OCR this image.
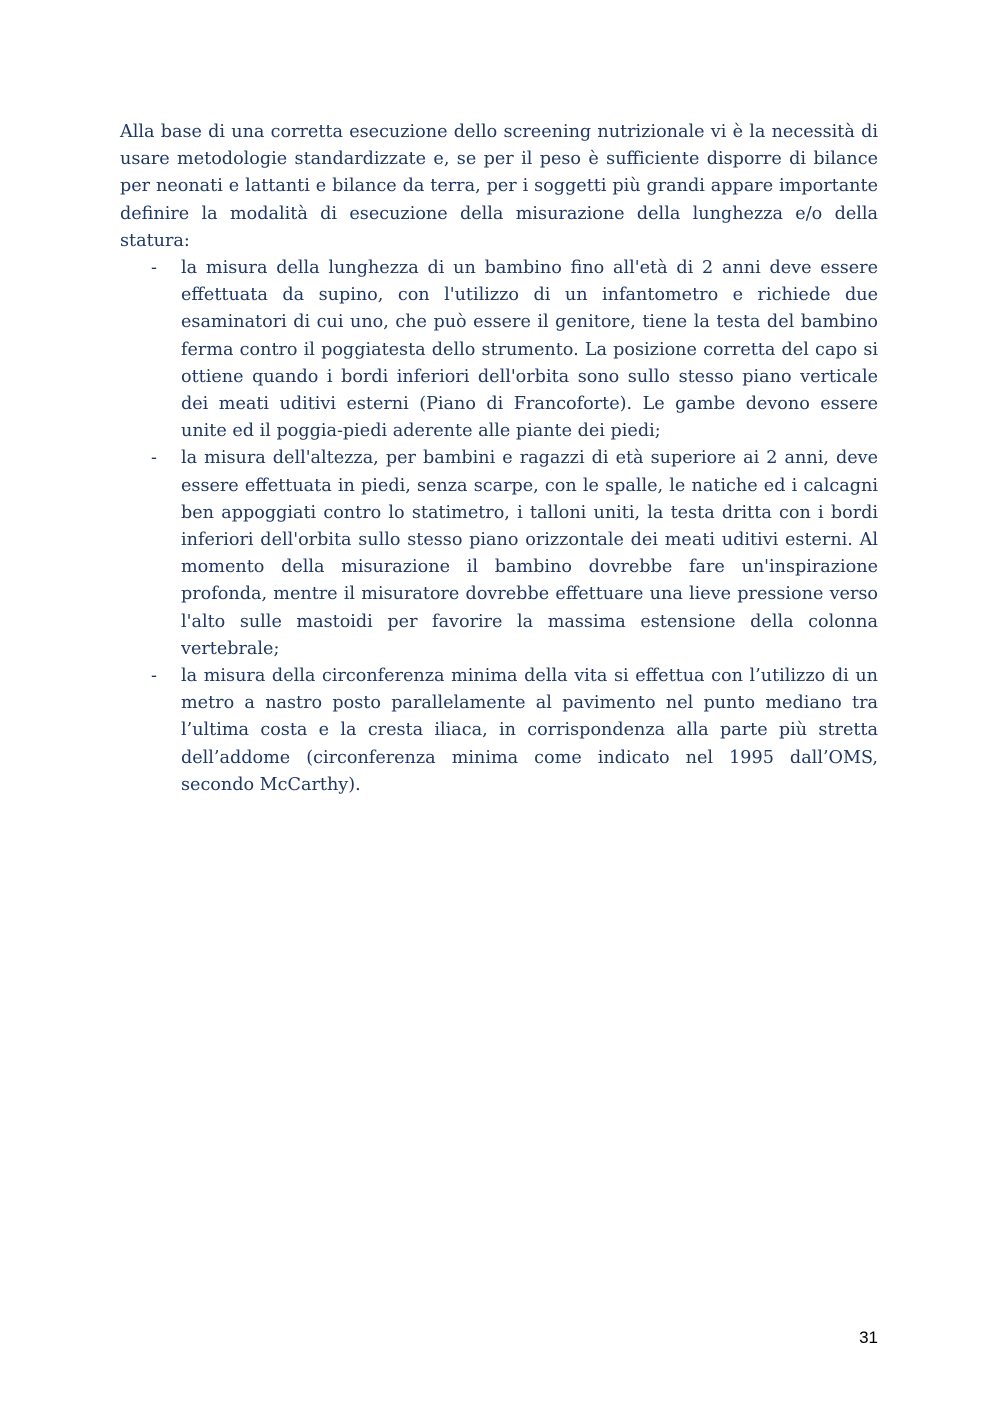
Alla base di una corretta esecuzione dello screening nutrizionale vi è la necessità di usare metodologie standardizzate e, se per il peso è sufficiente disporre di bilance per neonati e lattanti e bilance da terra, per i soggetti più grandi appare importante definire la modalità di esecuzione della misurazione della lunghezza e/o della statura:

- la misura della lunghezza di un bambino fino all'età di 2 anni deve essere effettuata da supino, con l'utilizzo di un infantometro e richiede due esaminatori di cui uno, che può essere il genitore, tiene la testa del bambino ferma contro il poggiatesta dello strumento. La posizione corretta del capo si ottiene quando i bordi inferiori dell'orbita sono sullo stesso piano verticale dei meati uditivi esterni (Piano di Francoforte). Le gambe devono essere unite ed il poggia-piedi aderente alle piante dei piedi;
- la misura dell'altezza, per bambini e ragazzi di età superiore ai 2 anni, deve essere effettuata in piedi, senza scarpe, con le spalle, le natiche ed i calcagni ben appoggiati contro lo statimetro, i talloni uniti, la testa dritta con i bordi inferiori dell'orbita sullo stesso piano orizzontale dei meati uditivi esterni. Al momento della misurazione il bambino dovrebbe fare un'inspirazione profonda, mentre il misuratore dovrebbe effettuare una lieve pressione verso l'alto sulle mastoidi per favorire la massima estensione della colonna vertebrale;
- la misura della circonferenza minima della vita si effettua con l’utilizzo di un metro a nastro posto parallelamente al pavimento nel punto mediano tra l’ultima costa e la cresta iliaca, in corrispondenza alla parte più stretta dell’addome (circonferenza minima come indicato nel 1995 dall’OMS, secondo McCarthy).
31
